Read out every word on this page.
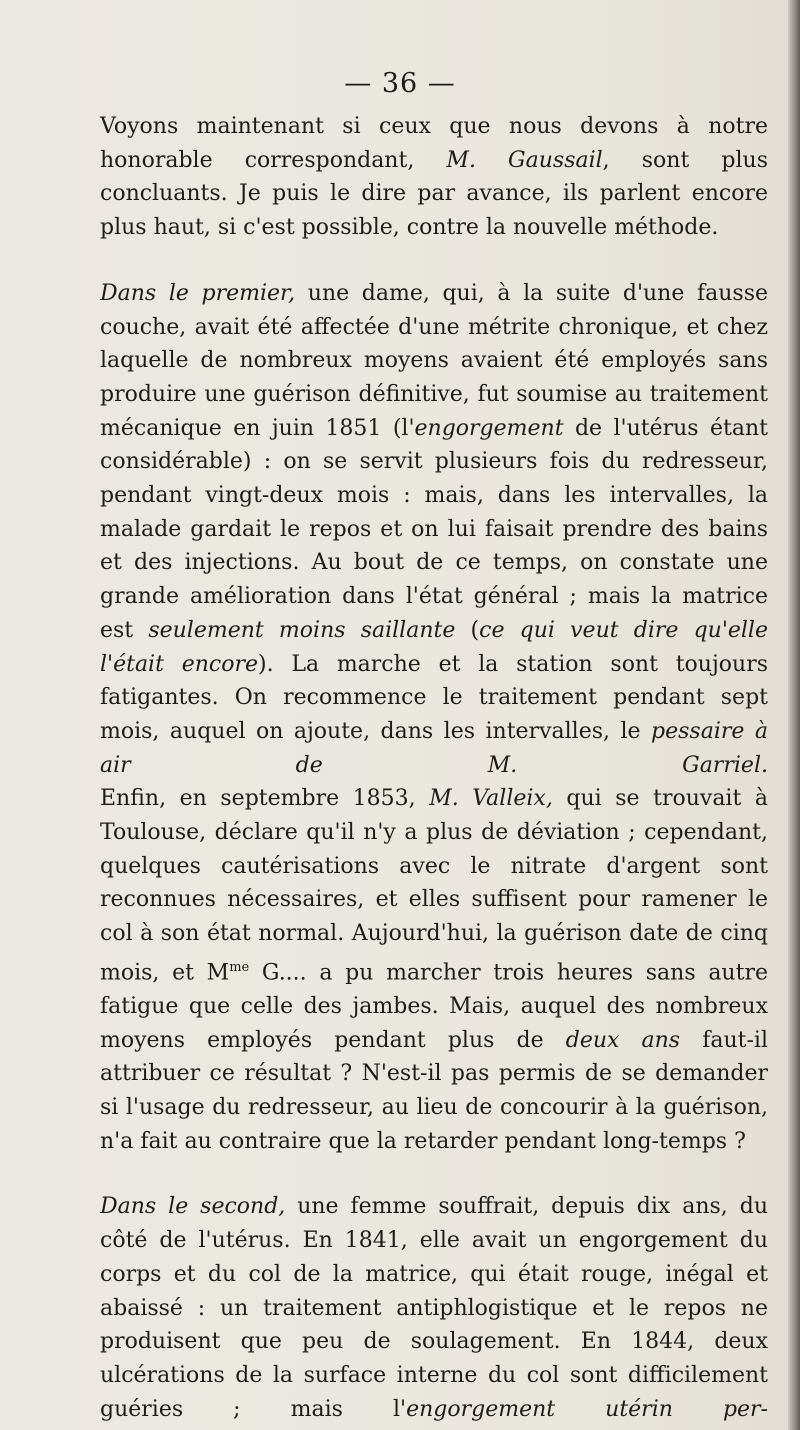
— 36 —

Voyons maintenant si ceux que nous devons à notre honorable correspondant, M. Gaussail, sont plus concluants. Je puis le dire par avance, ils parlent encore plus haut, si c'est possible, contre la nouvelle méthode.

Dans le premier, une dame, qui, à la suite d'une fausse couche, avait été affectée d'une métrite chronique, et chez laquelle de nombreux moyens avaient été employés sans produire une guérison définitive, fut soumise au traitement mécanique en juin 1851 (l'engorgement de l'utérus étant considérable) : on se servit plusieurs fois du redresseur, pendant vingt-deux mois : mais, dans les intervalles, la malade gardait le repos et on lui faisait prendre des bains et des injections. Au bout de ce temps, on constate une grande amélioration dans l'état général ; mais la matrice est seulement moins saillante (ce qui veut dire qu'elle l'était encore). La marche et la station sont toujours fatigantes. On recommence le traitement pendant sept mois, auquel on ajoute, dans les intervalles, le pessaire à air de M. Garriel.

Enfin, en septembre 1853, M. Valleix, qui se trouvait à Toulouse, déclare qu'il n'y a plus de déviation ; cependant, quelques cautérisations avec le nitrate d'argent sont reconnues nécessaires, et elles suffisent pour ramener le col à son état normal. Aujourd'hui, la guérison date de cinq mois, et $M^{me}$ G.... a pu marcher trois heures sans autre fatigue que celle des jambes. Mais, auquel des nombreux moyens employés pendant plus de deux ans faut-il attribuer ce résultat ? N'est-il pas permis de se demander si l'usage du redresseur, au lieu de concourir à la guérison, n'a fait au contraire que la retarder pendant long-temps ?

Dans le second, une femme souffrait, depuis dix ans, du côté de l'utérus. En 1841, elle avait un engorgement du corps et du col de la matrice, qui était rouge, inégal et abaissé : un traitement antiphlogistique et le repos ne produisent que peu de soulagement. En 1844, deux ulcérations de la surface interne du col sont difficilement guéries ; mais l'engorgement utérin per-
